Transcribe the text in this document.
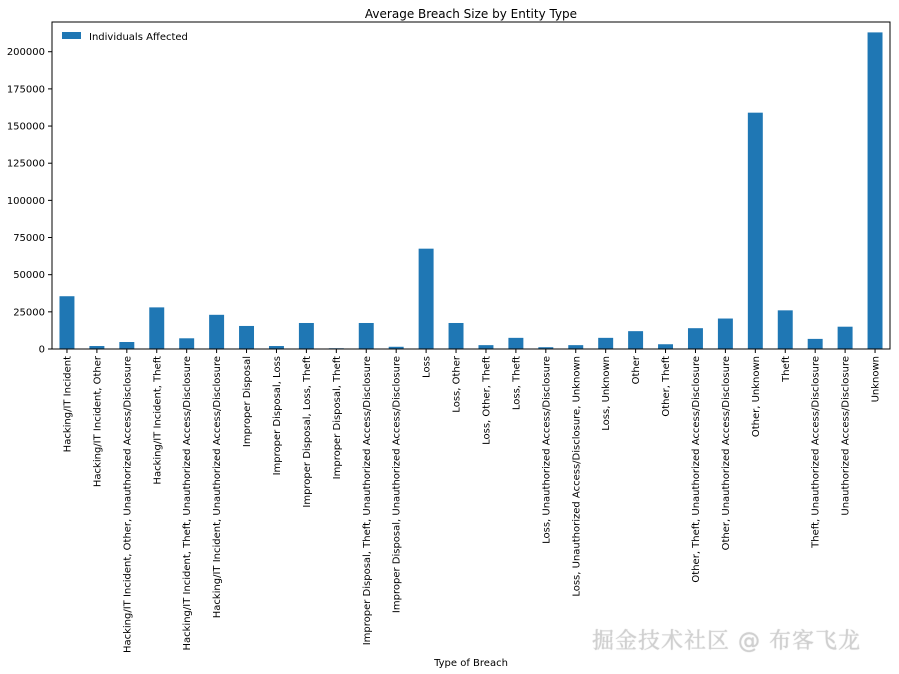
Average Breach Size by Entity Type
0
25000
50000
75000
100000
125000
150000
175000
200000
Hacking/IT Incident Hacking/IT Incident, Other Hacking/IT Incident, Other, Unauthorized Access/Disclosure Hacking/IT Incident, Theft Hacking/IT Incident, Theft, Unauthorized Access/Disclosure Hacking/IT Incident, Unauthorized Access/Disclosure Improper Disposal Improper Disposal, Loss Improper Disposal, Loss, Theft Improper Disposal, Theft Improper Disposal, Theft, Unauthorized Access/Disclosure Improper Disposal, Unauthorized Access/Disclosure Loss Loss, Other Loss, Other, Theft Loss, Theft Loss, Unauthorized Access/Disclosure Loss, Unauthorized Access/Disclosure, Unknown Loss, Unknown Other Other, Theft Other, Theft, Unauthorized Access/Disclosure Other, Unauthorized Access/Disclosure Other, Unknown Theft Theft, Unauthorized Access/Disclosure Unauthorized Access/Disclosure Unknown
Individuals Affected
Type of Breach
掘金技术社区 @ 布客飞龙
